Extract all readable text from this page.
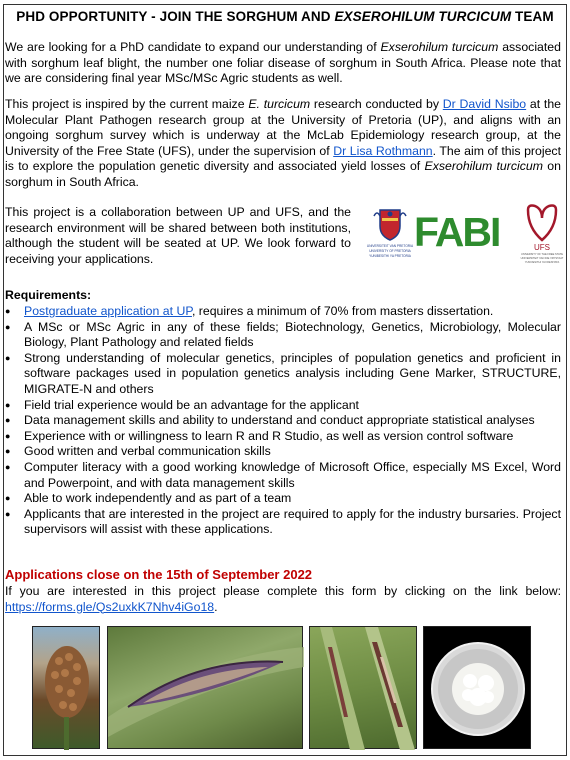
PHD OPPORTUNITY - JOIN THE SORGHUM AND EXSEROHILUM TURCICUM TEAM

We are looking for a PhD candidate to expand our understanding of Exserohilum turcicum associated with sorghum leaf blight, the number one foliar disease of sorghum in South Africa. Please note that we are considering final year MSc/MSc Agric students as well.

This project is inspired by the current maize E. turcicum research conducted by Dr David Nsibo at the Molecular Plant Pathogen research group at the University of Pretoria (UP), and aligns with an ongoing sorghum survey which is underway at the McLab Epidemiology research group, at the University of the Free State (UFS), under the supervision of Dr Lisa Rothmann. The aim of this project is to explore the population genetic diversity and associated yield losses of Exserohilum turcicum on sorghum in South Africa.

This project is a collaboration between UP and UFS, and the research environment will be shared between both institutions, although the student will be seated at UP. We look forward to receiving your applications.

UNIVERSITEIT VAN PRETORIA
UNIVERSITY OF PRETORIA
YUNIBESITHI YA PRETORIA
FABI	UFS
UNIVERSITY OF THE FREE STATE
UNIVERSITEIT VAN DIE VRYSTAAT
YUNIVESITHI YA FREISTATA
Requirements:
● Postgraduate application at UP, requires a minimum of 70% from masters dissertation.
● A MSc or MSc Agric in any of these fields; Biotechnology, Genetics, Microbiology, Molecular Biology, Plant Pathology and related fields
● Strong understanding of molecular genetics, principles of population genetics and proficient in software packages used in population genetics analysis including Gene Marker, STRUCTURE, MIGRATE-N and others
● Field trial experience would be an advantage for the applicant
● Data management skills and ability to understand and conduct appropriate statistical analyses
● Experience with or willingness to learn R and R Studio, as well as version control software
● Good written and verbal communication skills
● Computer literacy with a good working knowledge of Microsoft Office, especially MS Excel, Word and Powerpoint, and with data management skills
● Able to work independently and as part of a team
● Applicants that are interested in the project are required to apply for the industry bursaries. Project supervisors will assist with these applications.
Applications close on the 15th of September 2022

If you are interested in this project please complete this form by clicking on the link below: https://forms.gle/Qs2uxkK7Nhv4iGo18.
